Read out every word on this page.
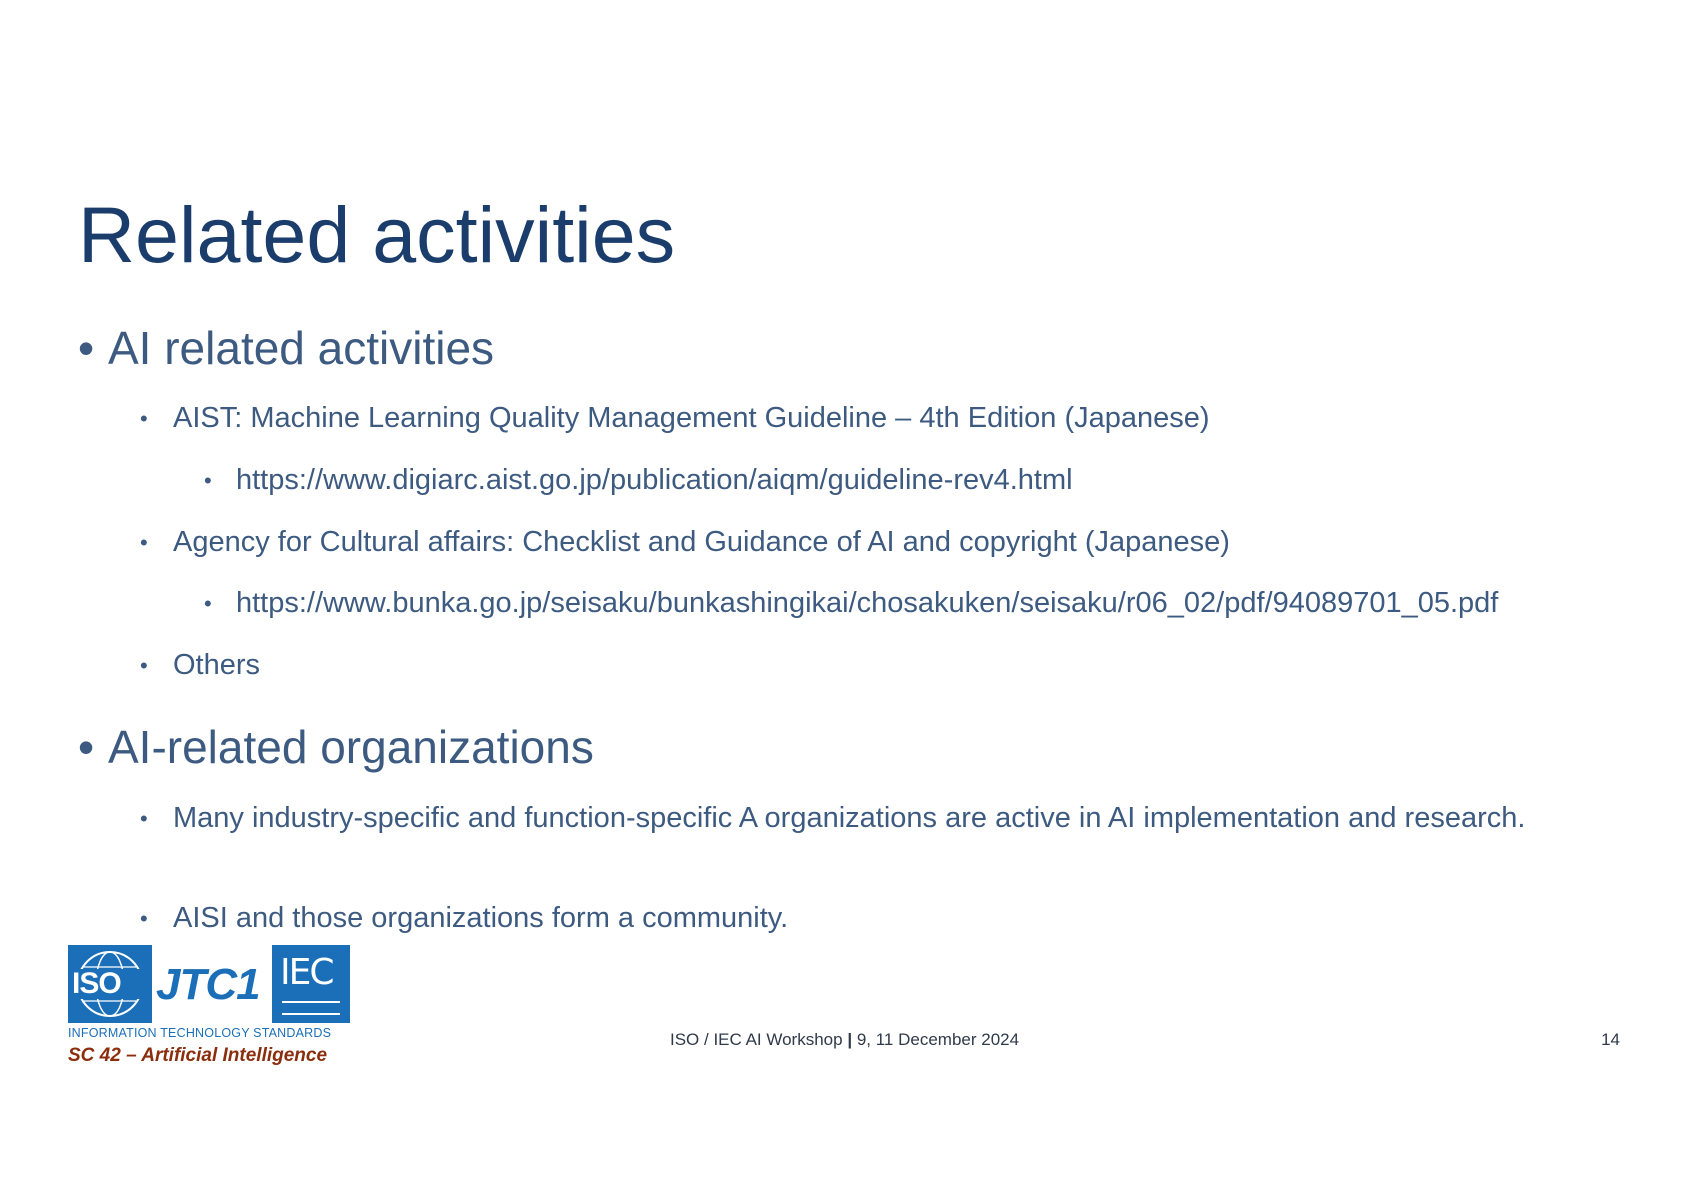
Related activities
• AI related activities
• AIST: Machine Learning Quality Management Guideline – 4th Edition (Japanese)
• https://www.digiarc.aist.go.jp/publication/aiqm/guideline-rev4.html
• Agency for Cultural affairs: Checklist and Guidance of AI and copyright (Japanese)
• https://www.bunka.go.jp/seisaku/bunkashingikai/chosakuken/seisaku/r06_02/pdf/94089701_05.pdf
• Others
• AI-related organizations
• Many industry-specific and function-specific A organizations are active in AI implementation and research.
• AISI and those organizations form a community.
ISO JTC1 IEC
INFORMATION TECHNOLOGY STANDARDS
SC 42 – Artificial Intelligence
ISO / IEC AI Workshop | 9, 11 December 2024	14
